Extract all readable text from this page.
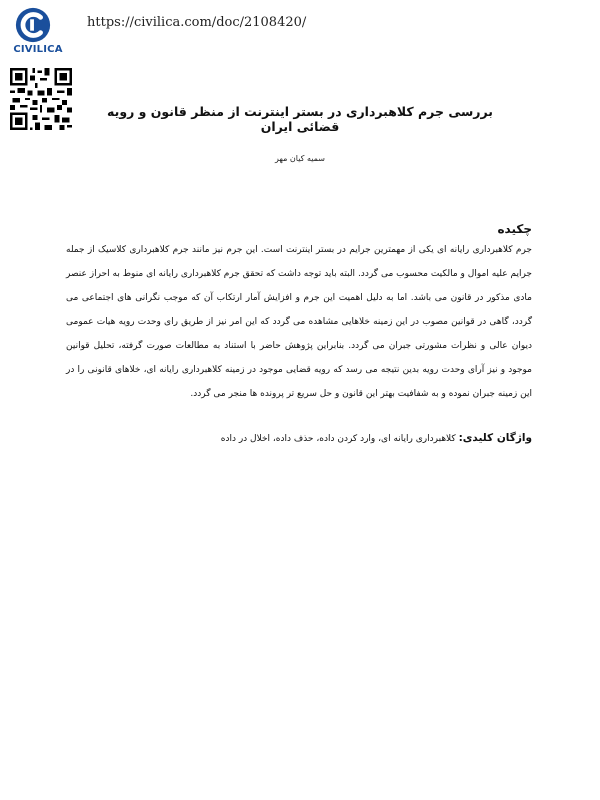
CIVILICA
https://civilica.com/doc/2108420/
بررسی جرم کلاهبرداری در بستر اینترنت از منظر قانون و رویه قضائی ایران
سمیه کیان مهر
چکیده
جرم کلاهبرداری رایانه ای یکی از مهمترین جرایم در بستر اینترنت است. این جرم نیز مانند جرم کلاهبرداری کلاسیک از جمله جرایم علیه اموال و مالکیت محسوب می گردد. البته باید توجه داشت که تحقق جرم کلاهبرداری رایانه ای منوط به احراز عنصر مادی مذکور در قانون می باشد. اما به دلیل اهمیت این جرم و افزایش آمار ارتکاب آن که موجب نگرانی های اجتماعی می گردد، گاهی در قوانین مصوب در این زمینه خلاهایی مشاهده می گردد که این امر نیز از طریق رای وحدت رویه هیات عمومی دیوان عالی و نظرات مشورتی جبران می گردد. بنابراین پژوهش حاضر با استناد به مطالعات صورت گرفته، تحلیل قوانین موجود و نیز آرای وحدت رویه بدین نتیجه می رسد که رویه قضایی موجود در زمینه کلاهبرداری رایانه ای، خلاهای قانونی را در این زمینه جبران نموده و به شفافیت بهتر این قانون و حل سریع تر پرونده ها منجر می گردد.
واژگان کلیدی: کلاهبرداری رایانه ای، وارد کردن داده، حذف داده، اخلال در داده
